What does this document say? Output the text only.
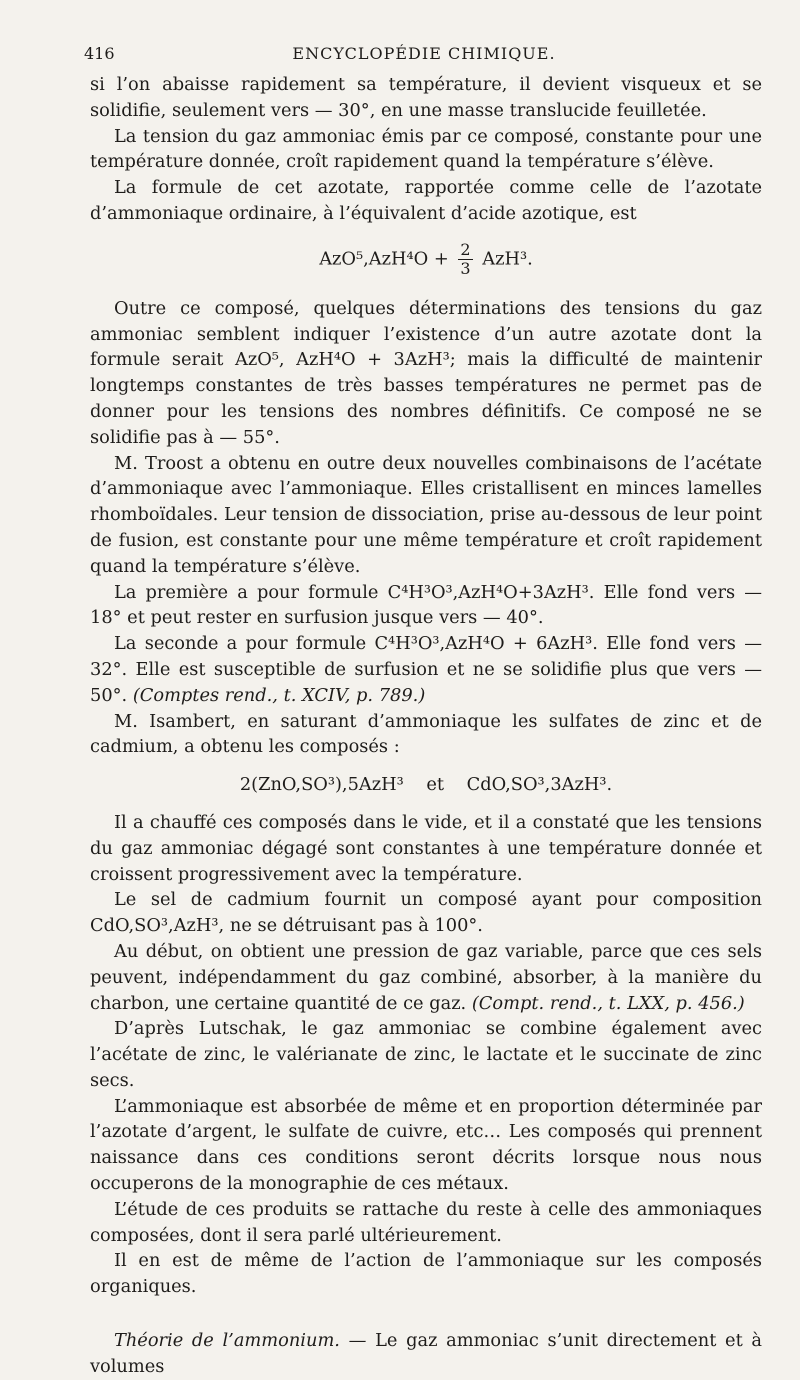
416	ENCYCLOPÉDIE CHIMIQUE.

si l’on abaisse rapidement sa température, il devient visqueux et se solidifie, seulement vers — 30°, en une masse translucide feuilletée.

La tension du gaz ammoniac émis par ce composé, constante pour une température donnée, croît rapidement quand la température s’élève.

La formule de cet azotate, rapportée comme celle de l’azotate d’ammoniaque ordinaire, à l’équivalent d’acide azotique, est

$AzO^5,AzH^4O + \frac{2}{3} AzH^3$.

Outre ce composé, quelques déterminations des tensions du gaz ammoniac semblent indiquer l’existence d’un autre azotate dont la formule serait AzO⁵, AzH⁴O + 3AzH³; mais la difficulté de maintenir longtemps constantes de très basses températures ne permet pas de donner pour les tensions des nombres définitifs. Ce composé ne se solidifie pas à — 55°.

M. Troost a obtenu en outre deux nouvelles combinaisons de l’acétate d’ammoniaque avec l’ammoniaque. Elles cristallisent en minces lamelles rhomboïdales. Leur tension de dissociation, prise au-dessous de leur point de fusion, est constante pour une même température et croît rapidement quand la température s’élève.

La première a pour formule C⁴H³O³,AzH⁴O+3AzH³. Elle fond vers — 18° et peut rester en surfusion jusque vers — 40°.

La seconde a pour formule C⁴H³O³,AzH⁴O + 6AzH³. Elle fond vers — 32°. Elle est susceptible de surfusion et ne se solidifie plus que vers — 50°. (Comptes rend., t. XCIV, p. 789.)

M. Isambert, en saturant d’ammoniaque les sulfates de zinc et de cadmium, a obtenu les composés :

2(ZnO,SO³),5AzH³    et    CdO,SO³,3AzH³.

Il a chauffé ces composés dans le vide, et il a constaté que les tensions du gaz ammoniac dégagé sont constantes à une température donnée et croissent progressivement avec la température.

Le sel de cadmium fournit un composé ayant pour composition CdO,SO³,AzH³, ne se détruisant pas à 100°.

Au début, on obtient une pression de gaz variable, parce que ces sels peuvent, indépendamment du gaz combiné, absorber, à la manière du charbon, une certaine quantité de ce gaz. (Compt. rend., t. LXX, p. 456.)

D’après Lutschak, le gaz ammoniac se combine également avec l’acétate de zinc, le valérianate de zinc, le lactate et le succinate de zinc secs.

L’ammoniaque est absorbée de même et en proportion déterminée par l’azotate d’argent, le sulfate de cuivre, etc… Les composés qui prennent naissance dans ces conditions seront décrits lorsque nous nous occuperons de la monographie de ces métaux.

L’étude de ces produits se rattache du reste à celle des ammoniaques composées, dont il sera parlé ultérieurement.

Il en est de même de l’action de l’ammoniaque sur les composés organiques.

Théorie de l’ammonium. — Le gaz ammoniac s’unit directement et à volumes
